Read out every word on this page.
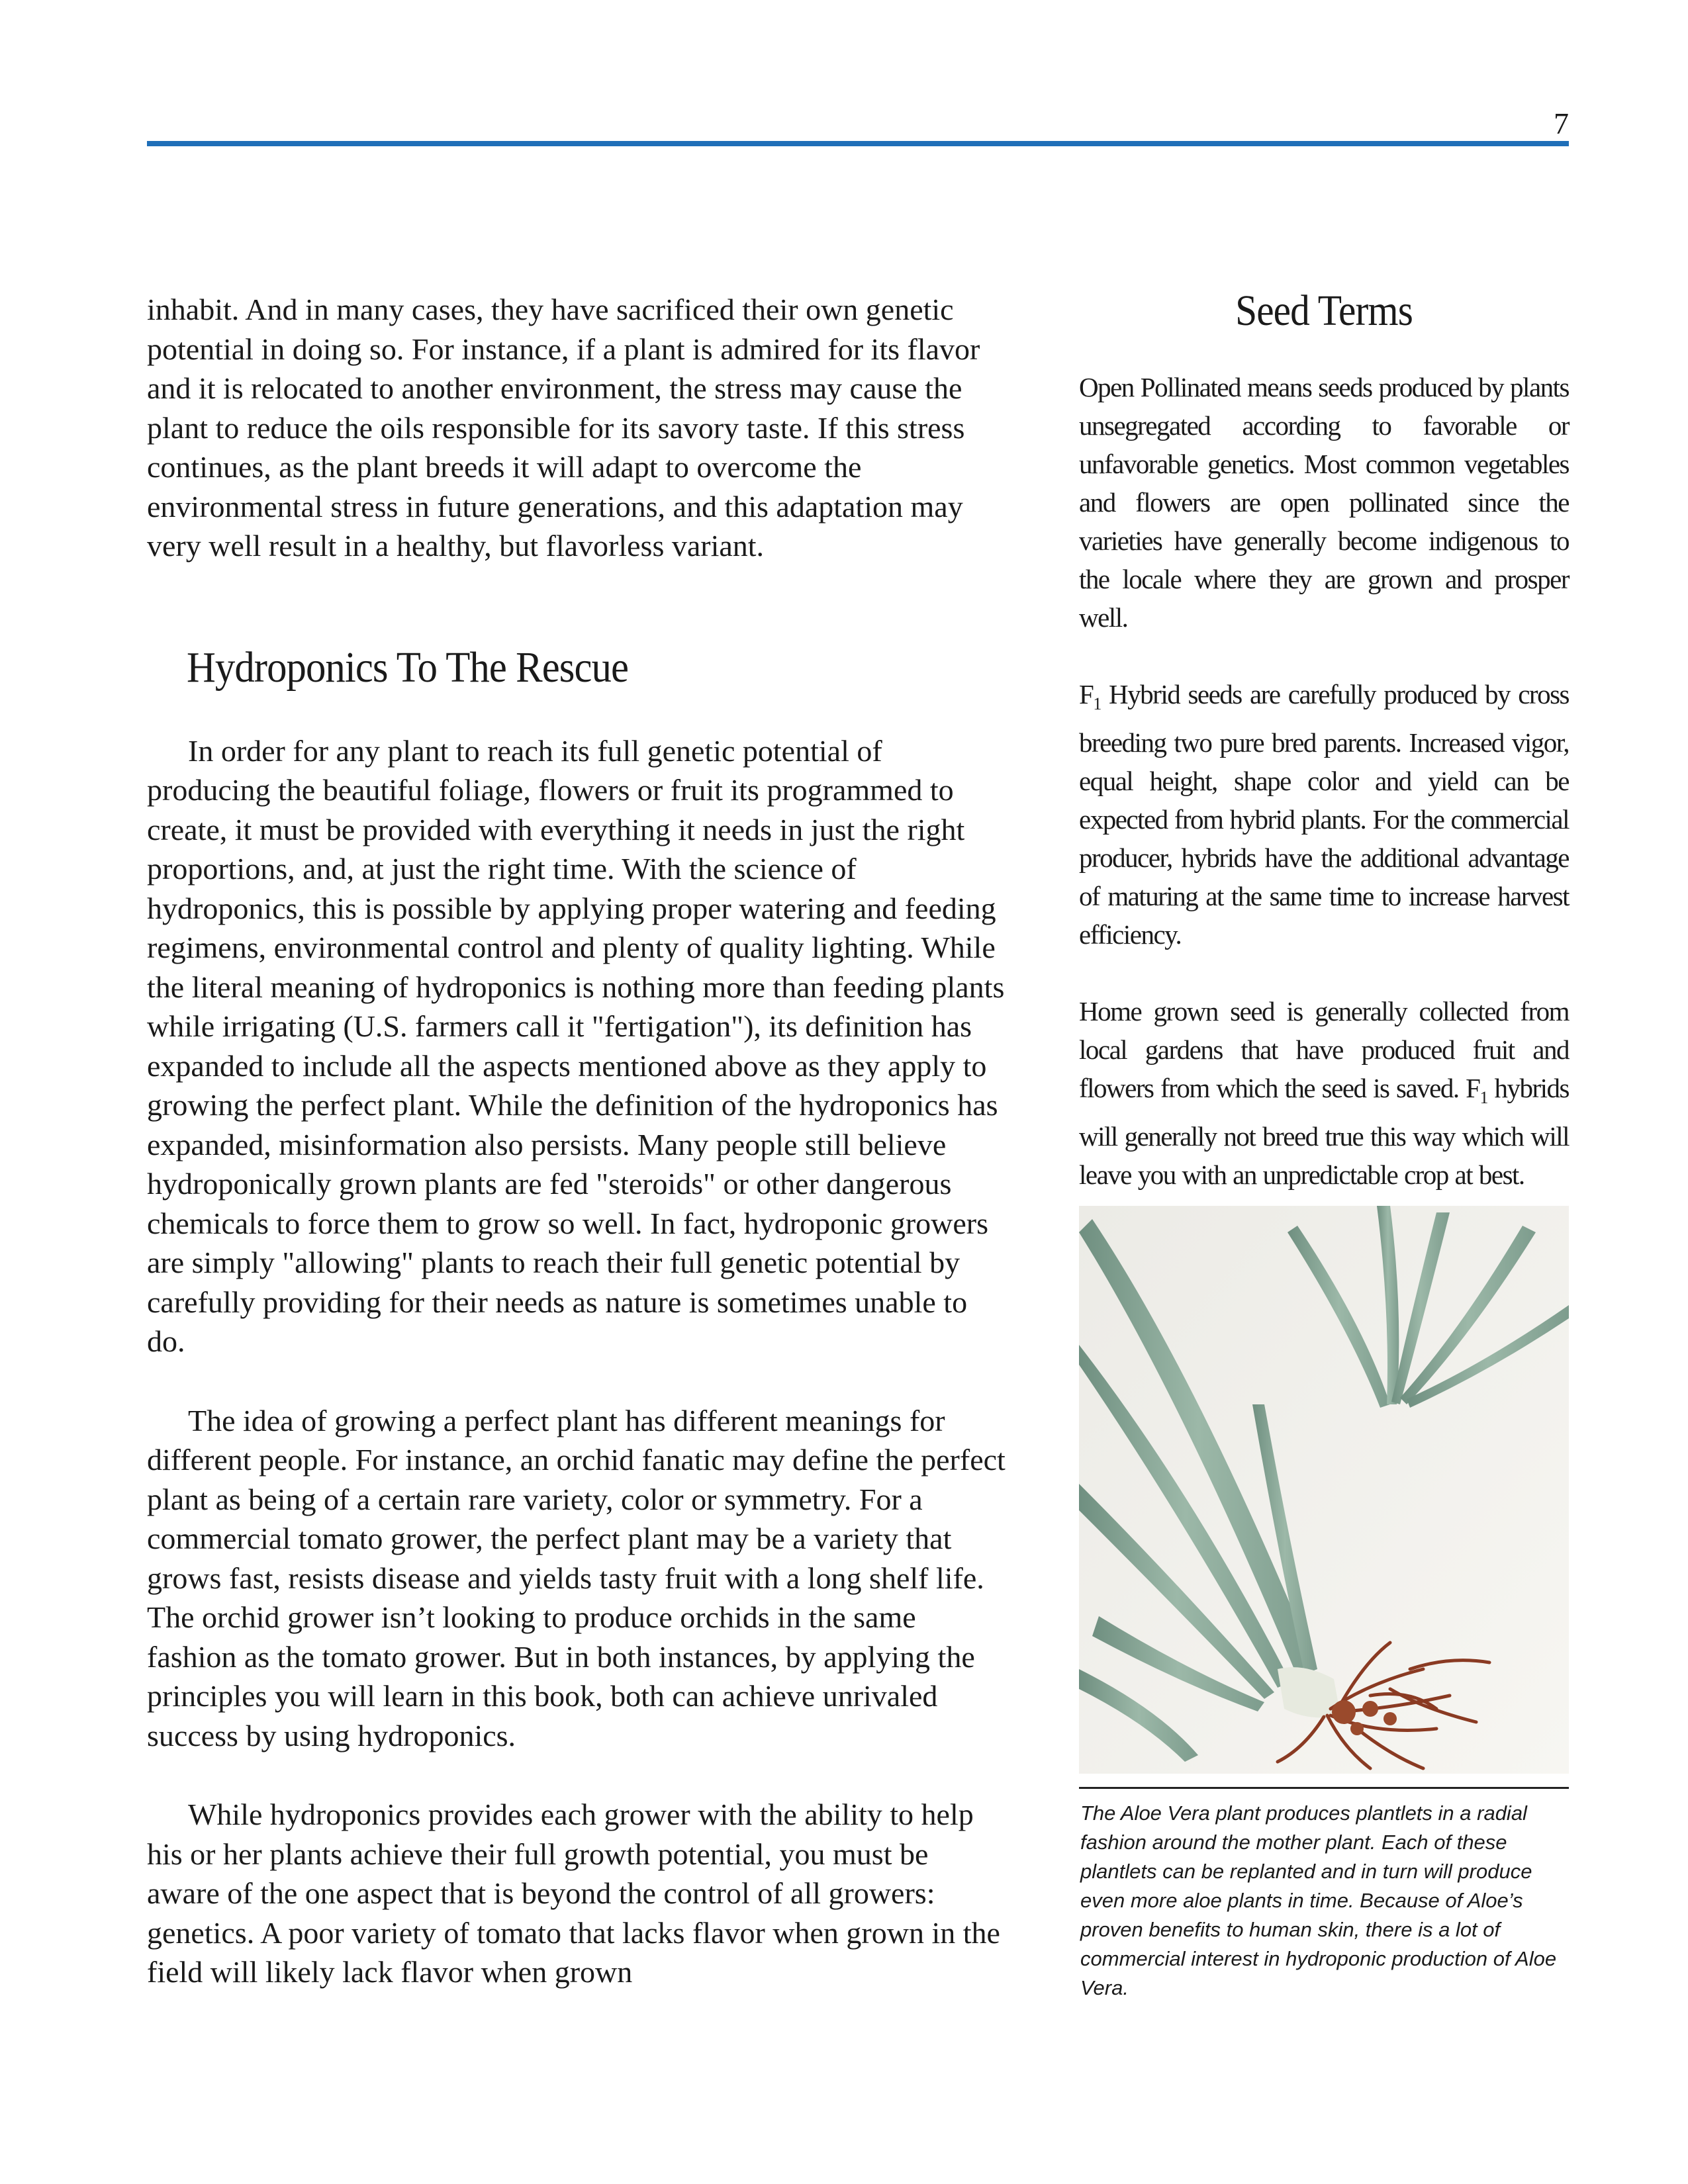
7

inhabit. And in many cases, they have sacrificed their own genetic potential in doing so. For instance, if a plant is admired for its flavor and it is relocated to another environment, the stress may cause the plant to reduce the oils responsible for its savory taste. If this stress continues, as the plant breeds it will adapt to overcome the environmental stress in future generations, and this adaptation may very well result in a healthy, but flavorless variant.

Hydroponics To The Rescue

In order for any plant to reach its full genetic potential of producing the beautiful foliage, flowers or fruit its programmed to create, it must be provided with everything it needs in just the right proportions, and, at just the right time. With the science of hydroponics, this is possible by applying proper watering and feeding regimens, environmental control and plenty of quality lighting. While the literal meaning of hydroponics is nothing more than feeding plants while irrigating (U.S. farmers call it "fertigation"), its definition has expanded to include all the aspects mentioned above as they apply to growing the perfect plant. While the definition of the hydroponics has expanded, misinformation also persists. Many people still believe hydroponically grown plants are fed "steroids" or other dangerous chemicals to force them to grow so well. In fact, hydroponic growers are simply "allowing" plants to reach their full genetic potential by carefully providing for their needs as nature is sometimes unable to do.

The idea of growing a perfect plant has different meanings for different people. For instance, an orchid fanatic may define the perfect plant as being of a certain rare variety, color or symmetry. For a commercial tomato grower, the perfect plant may be a variety that grows fast, resists disease and yields tasty fruit with a long shelf life. The orchid grower isn’t looking to produce orchids in the same fashion as the tomato grower. But in both instances, by applying the principles you will learn in this book, both can achieve unrivaled success by using hydroponics.

While hydroponics provides each grower with the ability to help his or her plants achieve their full growth potential, you must be aware of the one aspect that is beyond the control of all growers: genetics. A poor variety of tomato that lacks flavor when grown in the field will likely lack flavor when grown

Seed Terms

Open Pollinated means seeds produced by plants unsegregated according to favorable or unfavorable genetics. Most common vegetables and flowers are open pollinated since the varieties have generally become indigenous to the locale where they are grown and prosper well.

$F_1$ Hybrid seeds are carefully produced by cross breeding two pure bred parents. Increased vigor, equal height, shape color and yield can be expected from hybrid plants. For the commercial producer, hybrids have the additional advantage of maturing at the same time to increase harvest efficiency.

Home grown seed is generally collected from local gardens that have produced fruit and flowers from which the seed is saved. $F_1$ hybrids will generally not breed true this way which will leave you with an unpredictable crop at best.

The Aloe Vera plant produces plantlets in a radial fashion around the mother plant. Each of these plantlets can be replanted and in turn will produce even more aloe plants in time. Because of Aloe’s proven benefits to human skin, there is a lot of commercial interest in hydroponic production of Aloe Vera.
